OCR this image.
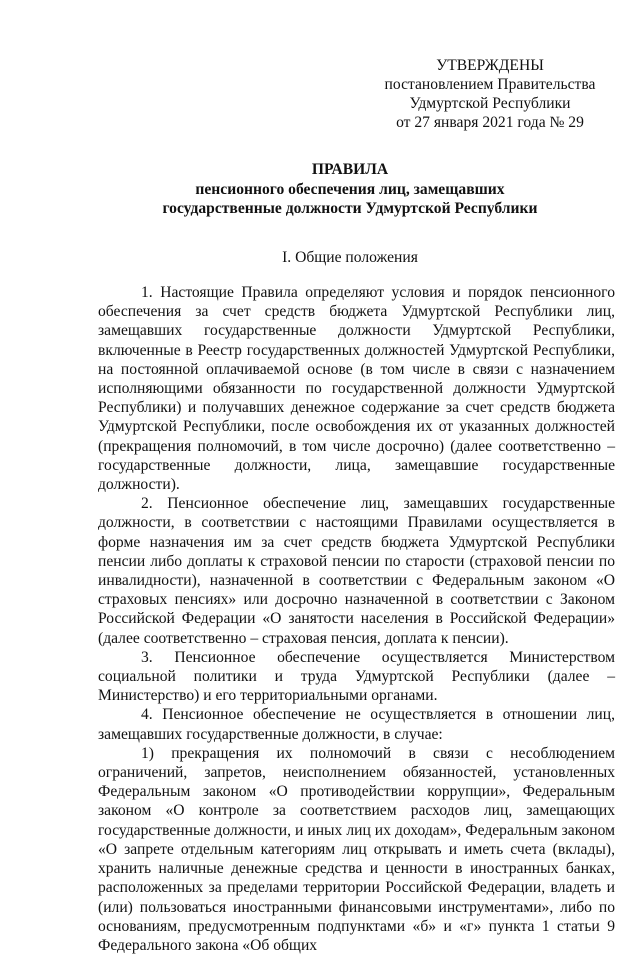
УТВЕРЖДЕНЫ
постановлением Правительства
Удмуртской Республики
от 27 января 2021 года № 29
ПРАВИЛА
пенсионного обеспечения лиц, замещавших
государственные должности Удмуртской Республики
I. Общие положения

1. Настоящие Правила определяют условия и порядок пенсионного обеспечения за счет средств бюджета Удмуртской Республики лиц, замещавших государственные должности Удмуртской Республики, включенные в Реестр государственных должностей Удмуртской Республики, на постоянной оплачиваемой основе (в том числе в связи с назначением исполняющими обязанности по государственной должности Удмуртской Республики) и получавших денежное содержание за счет средств бюджета Удмуртской Республики, после освобождения их от указанных должностей (прекращения полномочий, в том числе досрочно) (далее соответственно – государственные должности, лица, замещавшие государственные должности).

2. Пенсионное обеспечение лиц, замещавших государственные должности, в соответствии с настоящими Правилами осуществляется в форме назначения им за счет средств бюджета Удмуртской Республики пенсии либо доплаты к страховой пенсии по старости (страховой пенсии по инвалидности), назначенной в соответствии с Федеральным законом «О страховых пенсиях» или досрочно назначенной в соответствии с Законом Российской Федерации «О занятости населения в Российской Федерации» (далее соответственно – страховая пенсия, доплата к пенсии).

3. Пенсионное обеспечение осуществляется Министерством социальной политики и труда Удмуртской Республики (далее – Министерство) и его территориальными органами.

4. Пенсионное обеспечение не осуществляется в отношении лиц, замещавших государственные должности, в случае:

1) прекращения их полномочий в связи с несоблюдением ограничений, запретов, неисполнением обязанностей, установленных Федеральным законом «О противодействии коррупции», Федеральным законом «О контроле за соответствием расходов лиц, замещающих государственные должности, и иных лиц их доходам», Федеральным законом «О запрете отдельным категориям лиц открывать и иметь счета (вклады), хранить наличные денежные средства и ценности в иностранных банках, расположенных за пределами территории Российской Федерации, владеть и (или) пользоваться иностранными финансовыми инструментами», либо по основаниям, предусмотренным подпунктами «б» и «г» пункта 1 статьи 9 Федерального закона «Об общих
